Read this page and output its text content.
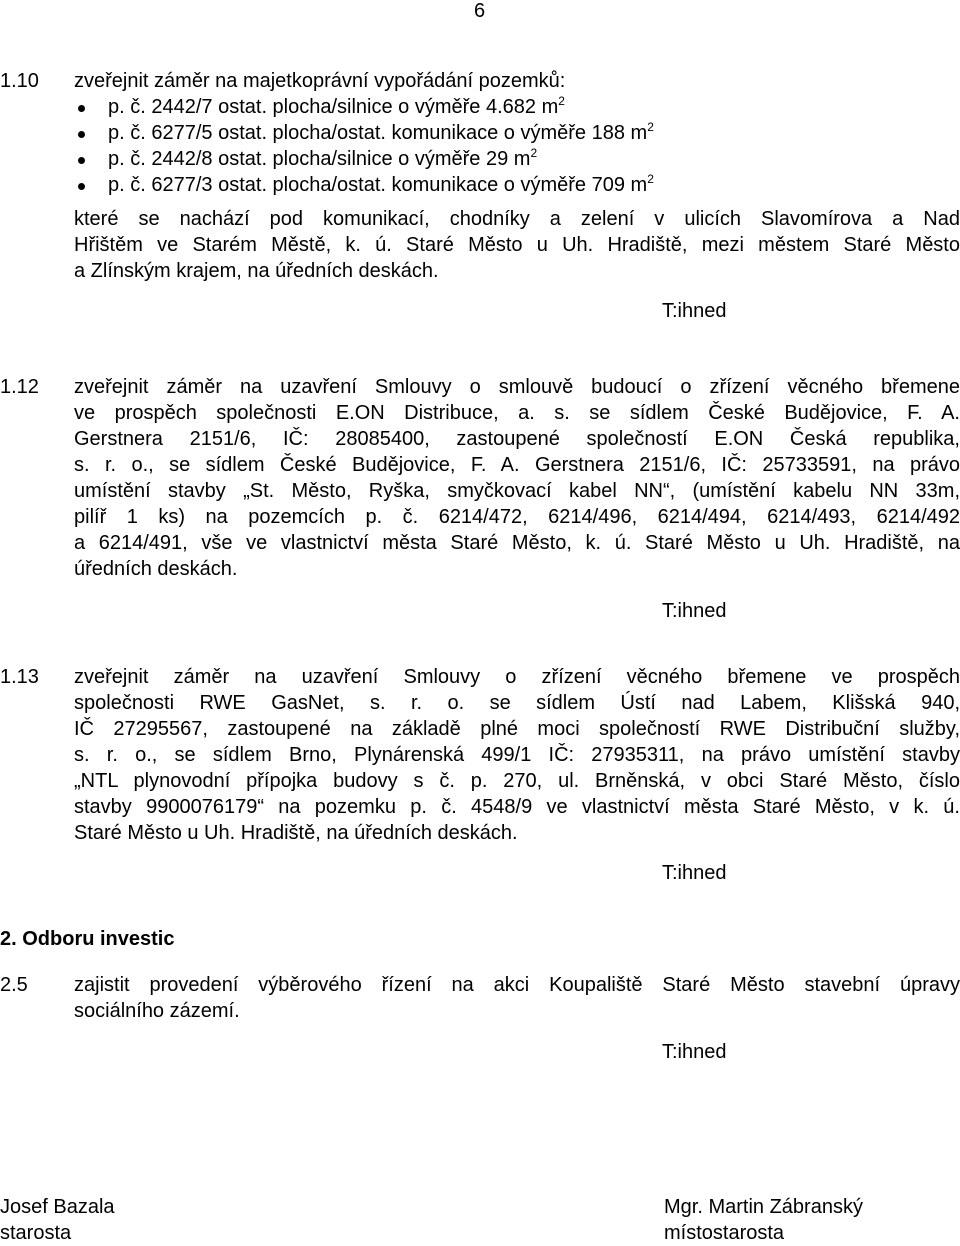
6
1.10 zveřejnit záměr na majetkoprávní vypořádání pozemků:
p. č. 2442/7 ostat. plocha/silnice o výměře 4.682 $m^2$
p. č. 6277/5 ostat. plocha/ostat. komunikace o výměře 188 $m^2$
p. č. 2442/8 ostat. plocha/silnice o výměře 29 $m^2$
p. č. 6277/3 ostat. plocha/ostat. komunikace o výměře 709 $m^2$
které se nachází pod komunikací, chodníky a zelení v ulicích Slavomírova a Nad
Hřištěm ve Starém Městě, k. ú. Staré Město u Uh. Hradiště, mezi městem Staré Město
a Zlínským krajem, na úředních deskách.
T:ihned
1.12 zveřejnit záměr na uzavření Smlouvy o smlouvě budoucí o zřízení věcného břemene
ve prospěch společnosti E.ON Distribuce, a. s. se sídlem České Budějovice, F. A.
Gerstnera 2151/6, IČ: 28085400, zastoupené společností E.ON Česká republika,
s. r. o., se sídlem České Budějovice, F. A. Gerstnera 2151/6, IČ: 25733591, na právo
umístění stavby „St. Město, Ryška, smyčkovací kabel NN“, (umístění kabelu NN 33m,
pilíř 1 ks) na pozemcích p. č. 6214/472, 6214/496, 6214/494, 6214/493, 6214/492
a 6214/491, vše ve vlastnictví města Staré Město, k. ú. Staré Město u Uh. Hradiště, na
úředních deskách.
T:ihned
1.13 zveřejnit záměr na uzavření Smlouvy o zřízení věcného břemene ve prospěch
společnosti RWE GasNet, s. r. o. se sídlem Ústí nad Labem, Klišská 940,
IČ 27295567, zastoupené na základě plné moci společností RWE Distribuční služby,
s. r. o., se sídlem Brno, Plynárenská 499/1 IČ: 27935311, na právo umístění stavby
„NTL plynovodní přípojka budovy s č. p. 270, ul. Brněnská, v obci Staré Město, číslo
stavby 9900076179“ na pozemku p. č. 4548/9 ve vlastnictví města Staré Město, v k. ú.
Staré Město u Uh. Hradiště, na úředních deskách.
T:ihned
2. Odboru investic
2.5 zajistit provedení výběrového řízení na akci Koupaliště Staré Město stavební úpravy
sociálního zázemí.
T:ihned
Josef Bazala
starosta
Mgr. Martin Zábranský
místostarosta
